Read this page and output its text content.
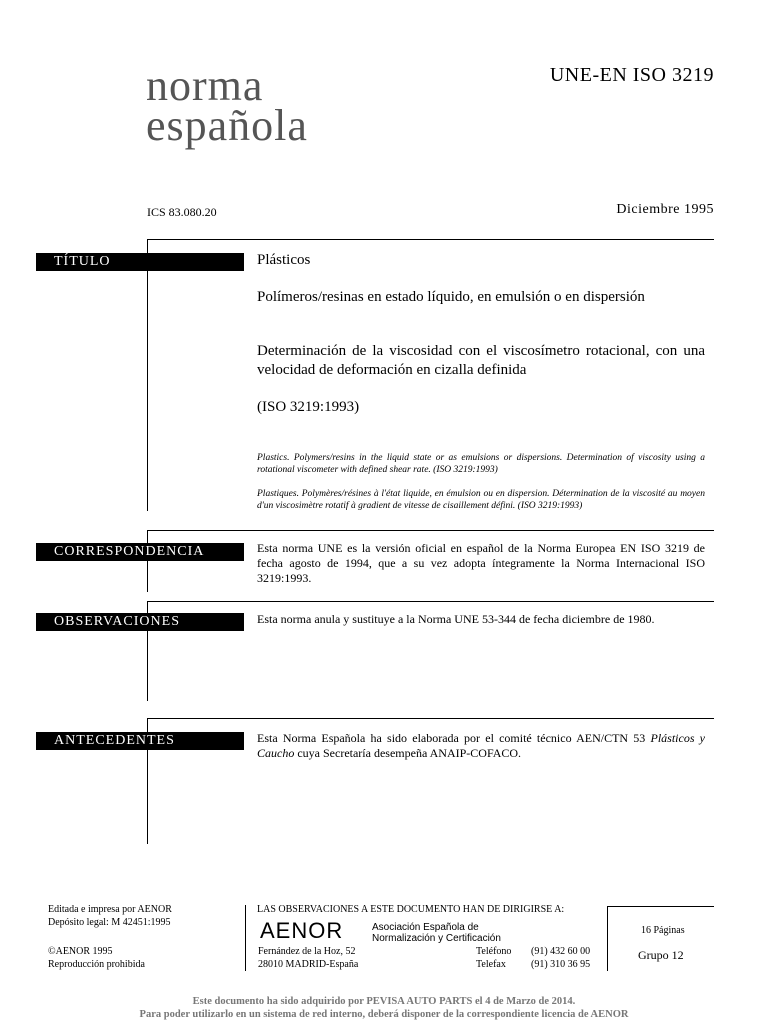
norma
española
UNE-EN ISO 3219
ICS 83.080.20	Diciembre 1995
TÍTULO	Plásticos
Polímeros/resinas en estado líquido, en emulsión o en dispersión
Determinación de la viscosidad con el viscosímetro rotacional, con una velocidad de deformación en cizalla definida
(ISO 3219:1993)
Plastics. Polymers/resins in the liquid state or as emulsions or dispersions. Determination of viscosity using a rotational viscometer with defined shear rate. (ISO 3219:1993)
Plastiques. Polymères/résines à l'état liquide, en émulsion ou en dispersion. Détermination de la viscosité au moyen d'un viscosimètre rotatif à gradient de vitesse de cisaillement défini. (ISO 3219:1993)
CORRESPONDENCIA	Esta norma UNE es la versión oficial en español de la Norma Europea EN ISO 3219 de fecha agosto de 1994, que a su vez adopta íntegramente la Norma Internacional ISO 3219:1993.
OBSERVACIONES	Esta norma anula y sustituye a la Norma UNE 53-344 de fecha diciembre de 1980.
ANTECEDENTES	Esta Norma Española ha sido elaborada por el comité técnico AEN/CTN 53 Plásticos y Caucho cuya Secretaría desempeña ANAIP-COFACO.
Editada e impresa por AENOR
Depósito legal: M 42451:1995
©AENOR 1995
Reproducción prohibida
LAS OBSERVACIONES A ESTE DOCUMENTO HAN DE DIRIGIRSE A:
AENOR	Asociación Española de
Normalización y Certificación
Fernández de la Hoz, 52
28010 MADRID-España
Teléfono (91) 432 60 00
Telefax	(91) 310 36 95
16 Páginas
Grupo 12
Este documento ha sido adquirido por PEVISA AUTO PARTS el 4 de Marzo de 2014.
Para poder utilizarlo en un sistema de red interno, deberá disponer de la correspondiente licencia de AENOR
